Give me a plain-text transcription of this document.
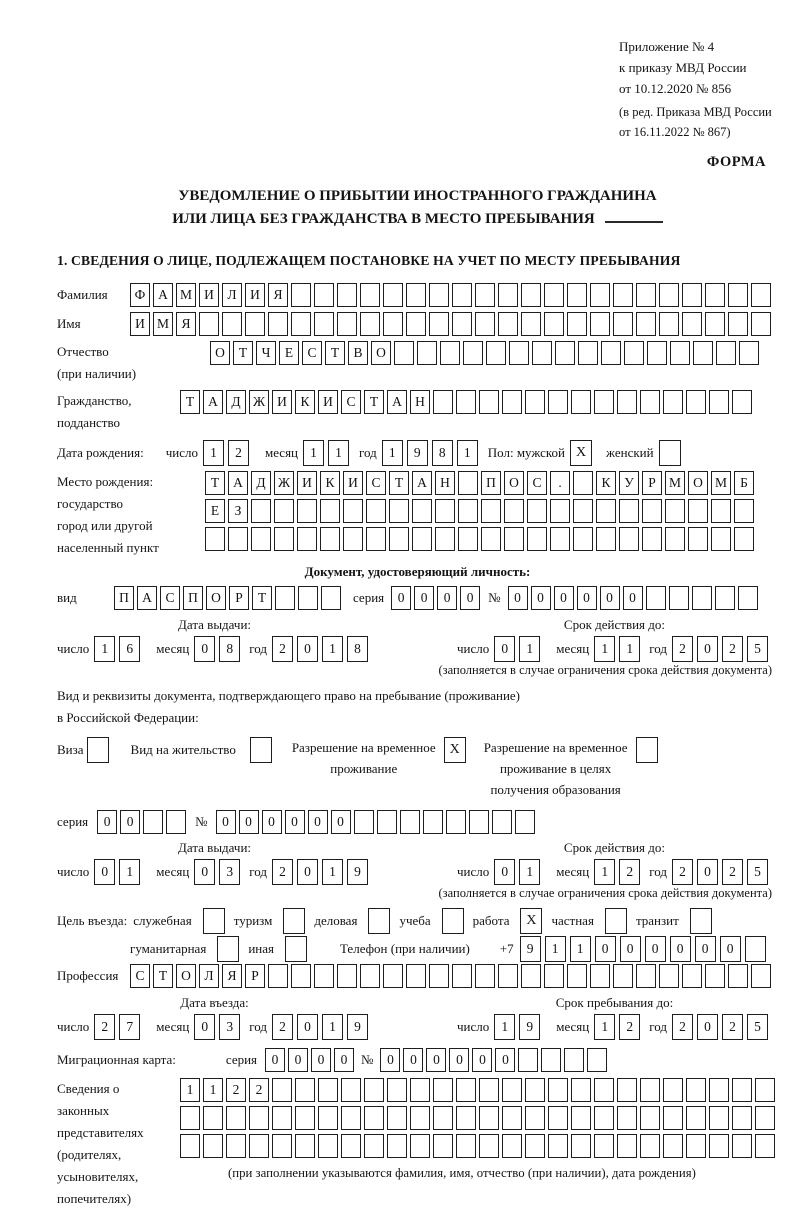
Приложение № 4
к приказу МВД России
от 10.12.2020 № 856
(в ред. Приказа МВД России
от 16.11.2022 № 867)
ФОРМА
УВЕДОМЛЕНИЕ О ПРИБЫТИИ ИНОСТРАННОГО ГРАЖДАНИНА
ИЛИ ЛИЦА БЕЗ ГРАЖДАНСТВА В МЕСТО ПРЕБЫВАНИЯ
1. СВЕДЕНИЯ О ЛИЦЕ, ПОДЛЕЖАЩЕМ ПОСТАНОВКЕ НА УЧЕТ ПО МЕСТУ ПРЕБЫВАНИЯ
Фамилия	Ф А М И	Л	И	Я
Имя	И М Я
Отчество
(при наличии)
О	Т	Ч	Е	С	Т	В	О
Гражданство,
подданство
Т	А	Д Ж И	К	И	С	Т	А Н
Дата рождения: число 1	2	месяц 1	1	год 1	9	8	1	Пол: мужской X	женский
Место рождения:
государство
город или другой
населенный пункт
Т	А	Д Ж И	К	И	С	Т	А Н	П О	С	.	К	У	Р М О М Б

Е	З

Документ, удостоверяющий личность:
вид	П А	С	П О	Р	Т	серия	0	0	0	0	№	0	0	0	0	0	0
Дата выдачи:
число 1	6	месяц 0	8	год 2	0	1	8
Срок действия до:
число 0	1	месяц 1	1	год 2	0	2	5
(заполняется в случае ограничения срока действия документа)
Вид и реквизиты документа, подтверждающего право на пребывание (проживание)
в Российской Федерации:
Виза	Вид на жительство	Разрешение на временное
проживание
X	Разрешение на временное
проживание в целях
получения образования
серия	0	0	№	0	0	0	0	0	0
Дата выдачи:
число 0	1	месяц 0	3	год 2	0	1	9
Срок действия до:
число 0	1	месяц 1	2	год 2	0	2	5
(заполняется в случае ограничения срока действия документа)
Цель въезда: служебная	туризм	деловая	учеба	работа	X	частная	транзит
гуманитарная	иная	Телефон (при наличии) +7 9	1	1	0	0	0	0	0	0
Профессия	С	Т	О	Л	Я	Р
Дата въезда:
число 2	7	месяц 0	3	год 2	0	1	9
Срок пребывания до:
число 1	9	месяц 1	2	год 2	0	2	5
Миграционная карта:	серия	0	0	0	0	№	0	0	0	0	0	0
Сведения о
законных
представителях
(родителях,
усыновителях,
попечителях)
1	1	2	2

(при заполнении указываются фамилия, имя, отчество (при наличии), дата рождения)
